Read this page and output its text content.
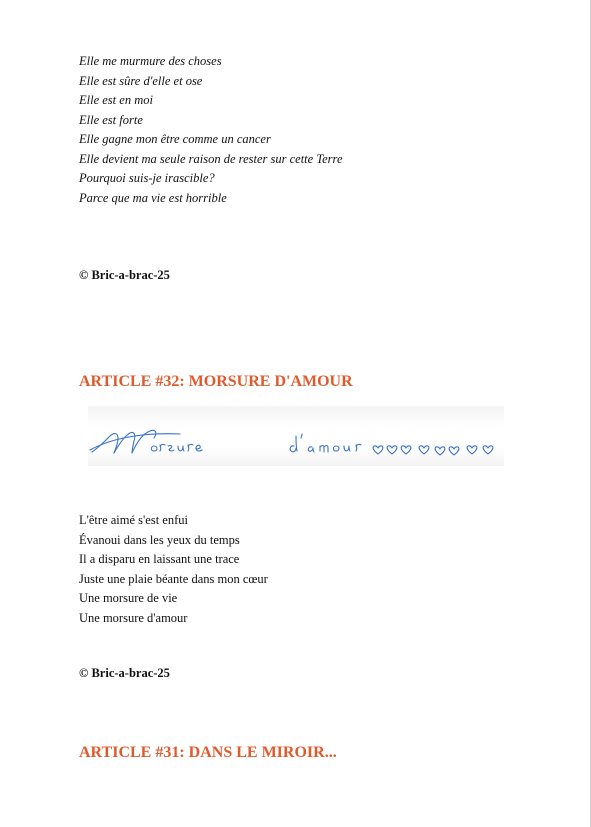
Elle me murmure des choses
Elle est sûre d'elle et ose
Elle est en moi
Elle est forte
Elle gagne mon être comme un cancer
Elle devient ma seule raison de rester sur cette Terre
Pourquoi suis-je irascible?
Parce que ma vie est horrible
© Bric-a-brac-25
ARTICLE #32: MORSURE D'AMOUR
L'être aimé s'est enfui
Évanoui dans les yeux du temps
Il a disparu en laissant une trace
Juste une plaie béante dans mon cœur
Une morsure de vie
Une morsure d'amour
© Bric-a-brac-25
ARTICLE #31: DANS LE MIROIR...
